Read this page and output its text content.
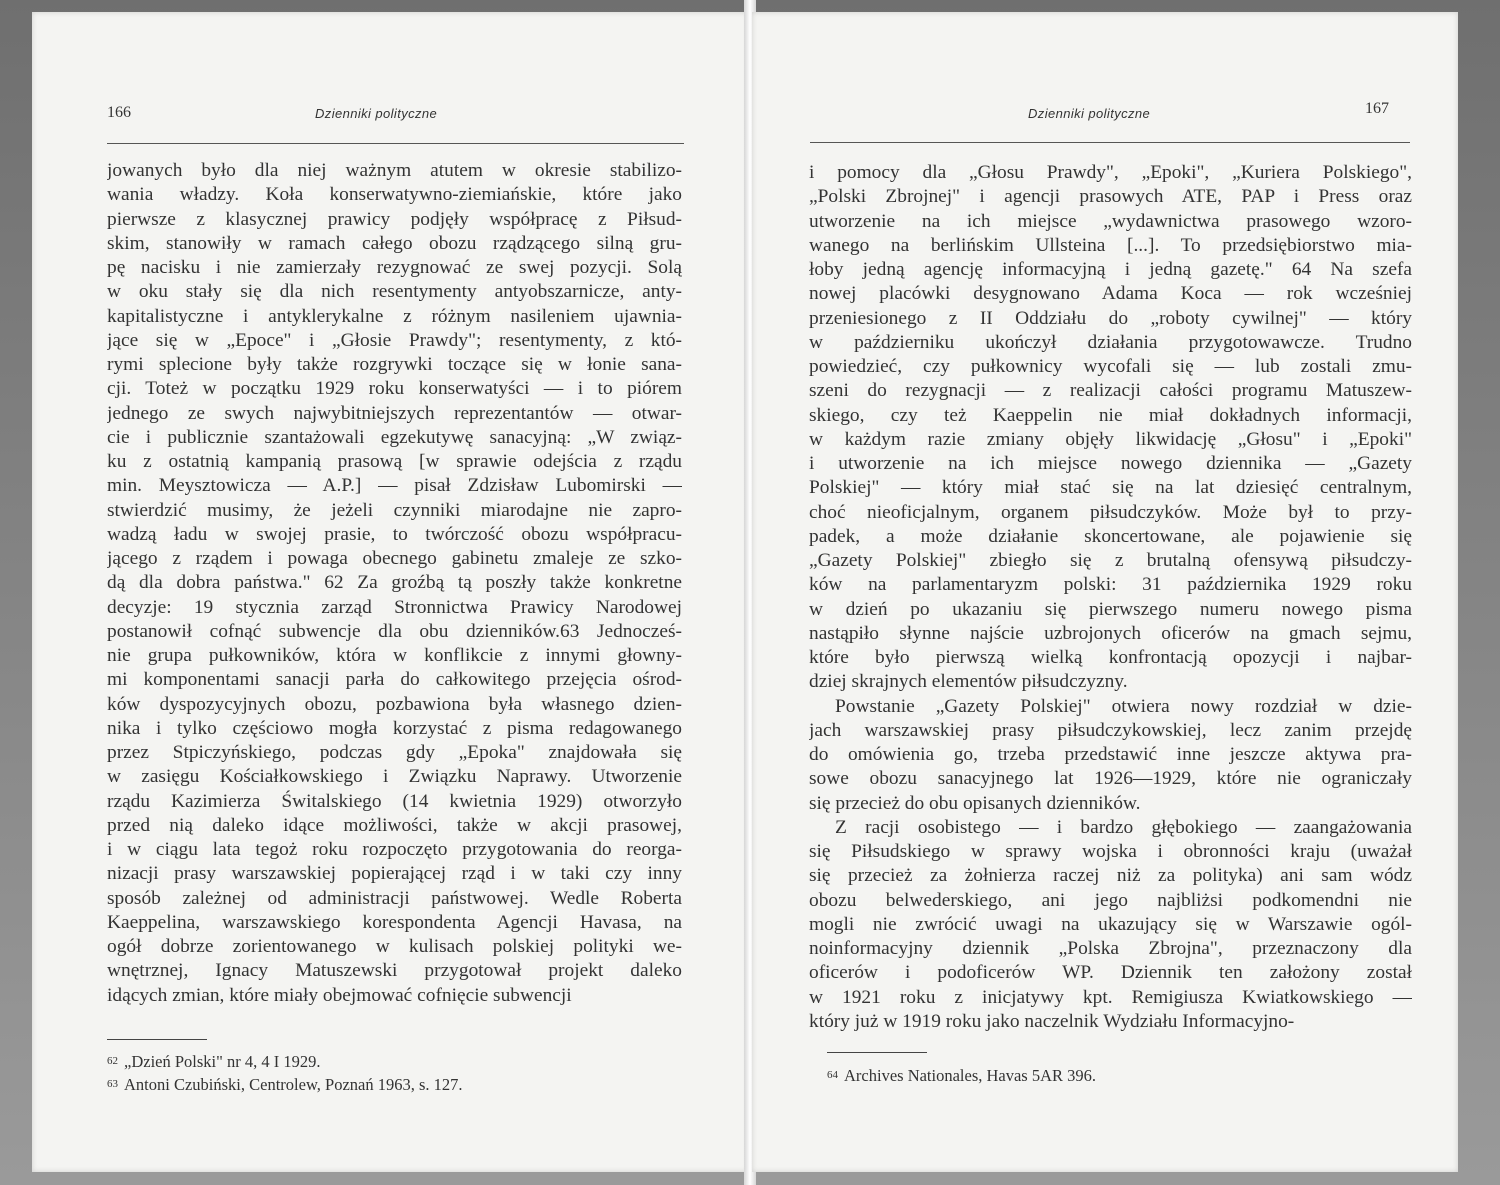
166	Dzienniki polityczne
jowanych było dla niej ważnym atutem w okresie stabilizo-
wania władzy. Koła konserwatywno-ziemiańskie, które jako
pierwsze z klasycznej prawicy podjęły współpracę z Piłsud-
skim, stanowiły w ramach całego obozu rządzącego silną gru-
pę nacisku i nie zamierzały rezygnować ze swej pozycji. Solą
w oku stały się dla nich resentymenty antyobszarnicze, anty-
kapitalistyczne i antyklerykalne z różnym nasileniem ujawnia-
jące się w „Epoce" i „Głosie Prawdy"; resentymenty, z któ-
rymi splecione były także rozgrywki toczące się w łonie sana-
cji. Toteż w początku 1929 roku konserwatyści — i to piórem
jednego ze swych najwybitniejszych reprezentantów — otwar-
cie i publicznie szantażowali egzekutywę sanacyjną: „W związ-
ku z ostatnią kampanią prasową [w sprawie odejścia z rządu
min. Meysztowicza — A.P.] — pisał Zdzisław Lubomirski —
stwierdzić musimy, że jeżeli czynniki miarodajne nie zapro-
wadzą ładu w swojej prasie, to twórczość obozu współpracu-
jącego z rządem i powaga obecnego gabinetu zmaleje ze szko-
dą dla dobra państwa." 62 Za groźbą tą poszły także konkretne
decyzje: 19 stycznia zarząd Stronnictwa Prawicy Narodowej
postanowił cofnąć subwencje dla obu dzienników.63 Jednocześ-
nie grupa pułkowników, która w konflikcie z innymi głowny-
mi komponentami sanacji parła do całkowitego przejęcia ośrod-
ków dyspozycyjnych obozu, pozbawiona była własnego dzien-
nika i tylko częściowo mogła korzystać z pisma redagowanego
przez Stpiczyńskiego, podczas gdy „Epoka" znajdowała się
w zasięgu Kościałkowskiego i Związku Naprawy. Utworzenie
rządu Kazimierza Świtalskiego (14 kwietnia 1929) otworzyło
przed nią daleko idące możliwości, także w akcji prasowej,
i w ciągu lata tegoż roku rozpoczęto przygotowania do reorga-
nizacji prasy warszawskiej popierającej rząd i w taki czy inny
sposób zależnej od administracji państwowej. Wedle Roberta
Kaeppelina, warszawskiego korespondenta Agencji Havasa, na
ogół dobrze zorientowanego w kulisach polskiej polityki we-
wnętrznej, Ignacy Matuszewski przygotował projekt daleko
idących zmian, które miały obejmować cofnięcie subwencji
62 „Dzień Polski" nr 4, 4 I 1929.
63 Antoni Czubiński, Centrolew, Poznań 1963, s. 127.
Dzienniki polityczne	167
i pomocy dla „Głosu Prawdy", „Epoki", „Kuriera Polskiego",
„Polski Zbrojnej" i agencji prasowych ATE, PAP i Press oraz
utworzenie na ich miejsce „wydawnictwa prasowego wzoro-
wanego na berlińskim Ullsteina [...]. To przedsiębiorstwo mia-
łoby jedną agencję informacyjną i jedną gazetę." 64 Na szefa
nowej placówki desygnowano Adama Koca — rok wcześniej
przeniesionego z II Oddziału do „roboty cywilnej" — który
w październiku ukończył działania przygotowawcze. Trudno
powiedzieć, czy pułkownicy wycofali się — lub zostali zmu-
szeni do rezygnacji — z realizacji całości programu Matuszew-
skiego, czy też Kaeppelin nie miał dokładnych informacji,
w każdym razie zmiany objęły likwidację „Głosu" i „Epoki"
i utworzenie na ich miejsce nowego dziennika — „Gazety
Polskiej" — który miał stać się na lat dziesięć centralnym,
choć nieoficjalnym, organem piłsudczyków. Może był to przy-
padek, a może działanie skoncertowane, ale pojawienie się
„Gazety Polskiej" zbiegło się z brutalną ofensywą piłsudczy-
ków na parlamentaryzm polski: 31 października 1929 roku
w dzień po ukazaniu się pierwszego numeru nowego pisma
nastąpiło słynne najście uzbrojonych oficerów na gmach sejmu,
które było pierwszą wielką konfrontacją opozycji i najbar-
dziej skrajnych elementów piłsudczyzny.
Powstanie „Gazety Polskiej" otwiera nowy rozdział w dzie-
jach warszawskiej prasy piłsudczykowskiej, lecz zanim przejdę
do omówienia go, trzeba przedstawić inne jeszcze aktywa pra-
sowe obozu sanacyjnego lat 1926—1929, które nie ograniczały
się przecież do obu opisanych dzienników.
Z racji osobistego — i bardzo głębokiego — zaangażowania
się Piłsudskiego w sprawy wojska i obronności kraju (uważał
się przecież za żołnierza raczej niż za polityka) ani sam wódz
obozu belwederskiego, ani jego najbliżsi podkomendni nie
mogli nie zwrócić uwagi na ukazujący się w Warszawie ogól-
noinformacyjny dziennik „Polska Zbrojna", przeznaczony dla
oficerów i podoficerów WP. Dziennik ten założony został
w 1921 roku z inicjatywy kpt. Remigiusza Kwiatkowskiego —
który już w 1919 roku jako naczelnik Wydziału Informacyjno-
64 Archives Nationales, Havas 5AR 396.
